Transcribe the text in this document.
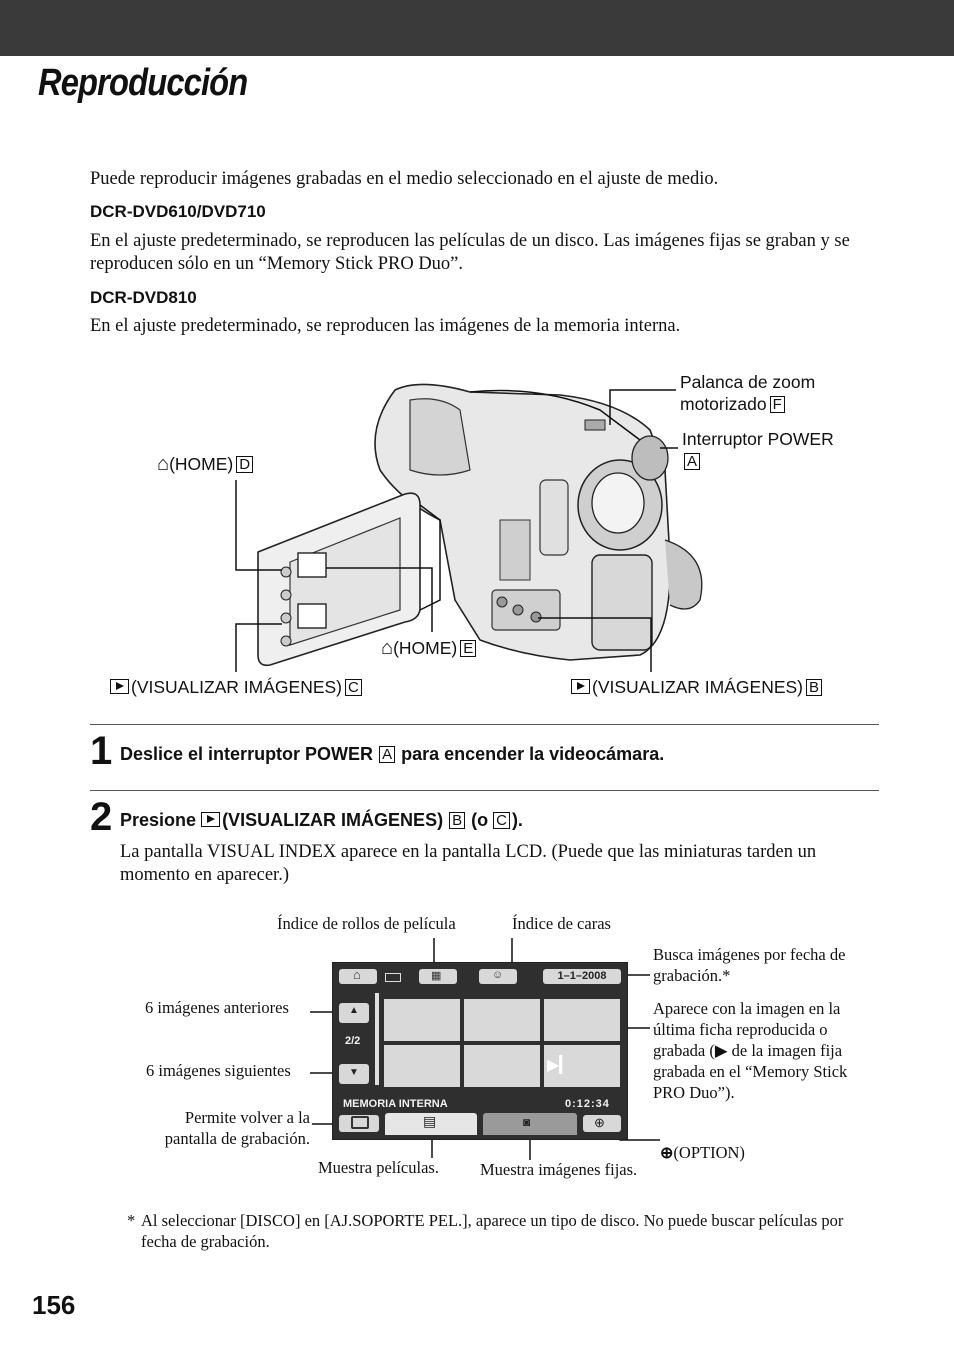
Reproducción
Puede reproducir imágenes grabadas en el medio seleccionado en el ajuste de medio.
DCR-DVD610/DVD710
En el ajuste predeterminado, se reproducen las películas de un disco. Las imágenes fijas se graban y se reproducen sólo en un “Memory Stick PRO Duo”.
DCR-DVD810
En el ajuste predeterminado, se reproducen las imágenes de la memoria interna.
Palanca de zoom
motorizado F
Interruptor POWER
A
⌂(HOME) D
⌂(HOME) E
(VISUALIZAR IMÁGENES) C	(VISUALIZAR IMÁGENES) B
1 Deslice el interruptor POWER A para encender la videocámara.
2 Presione (VISUALIZAR IMÁGENES) B (o C ).
La pantalla VISUAL INDEX aparece en la pantalla LCD. (Puede que las miniaturas tarden un momento en aparecer.)
⌂	▦	☺	1–1–2008
▲
2/2
▼	▶▎
MEMORIA INTERNA	0:12:34
▤	◙	⊕
Índice de rollos de película	Índice de caras
Busca imágenes por fecha de grabación.*
Aparece con la imagen en la última ficha reproducida o grabada (▶ de la imagen fija grabada en el “Memory Stick PRO Duo”).
6 imágenes anteriores
6 imágenes siguientes
Permite volver a la
pantalla de grabación.
Muestra películas. Muestra imágenes fijas.
⊕(OPTION)
* Al seleccionar [DISCO] en [AJ.SOPORTE PEL.], aparece un tipo de disco. No puede buscar películas por fecha de grabación.
156
